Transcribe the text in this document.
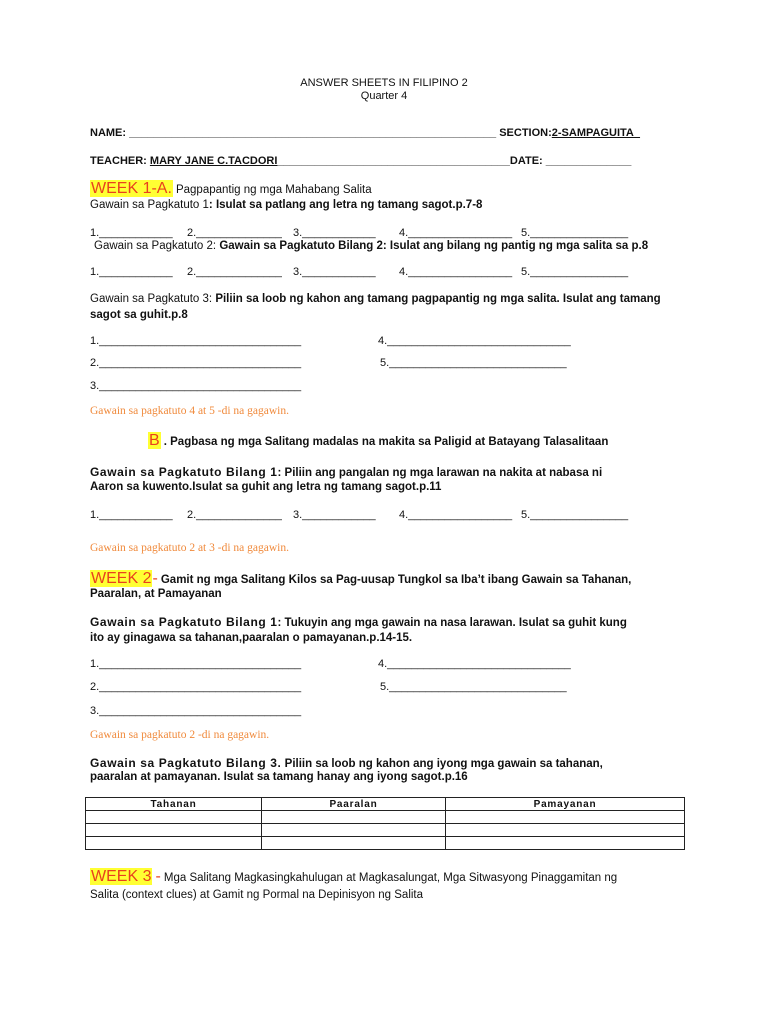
ANSWER SHEETS IN FILIPINO 2
Quarter 4
NAME: ____________________________________________________________ SECTION:2-SAMPAGUITA_
TEACHER: MARY JANE C.TACDORI______________________________________DATE: ______________
WEEK 1-A. Pagpapantig ng mga Mahabang Salita
Gawain sa Pagkatuto 1: Isulat sa patlang ang letra ng tamang sagot.p.7-8
1.____________ 2.______________ 3.____________ 4._________________ 5.________________
Gawain sa Pagkatuto 2: Gawain sa Pagkatuto Bilang 2: Isulat ang bilang ng pantig ng mga salita sa p.8
1.____________ 2.______________ 3.____________ 4._________________ 5.________________
Gawain sa Pagkatuto 3: Piliin sa loob ng kahon ang tamang pagpapantig ng mga salita. Isulat ang tamang
sagot sa guhit.p.8
1._________________________________
2._________________________________
3._________________________________
4.______________________________
5._____________________________
Gawain sa pagkatuto 4 at 5 -di na gagawin.
B . Pagbasa ng mga Salitang madalas na makita sa Paligid at Batayang Talasalitaan
Gawain sa Pagkatuto Bilang 1: Piliin ang pangalan ng mga larawan na nakita at nabasa ni
Aaron sa kuwento.Isulat sa guhit ang letra ng tamang sagot.p.11
1.____________ 2.______________ 3.____________ 4._________________ 5.________________
Gawain sa pagkatuto 2 at 3 -di na gagawin.
WEEK 2- Gamit ng mga Salitang Kilos sa Pag-uusap Tungkol sa Iba’t ibang Gawain sa Tahanan,
Paaralan, at Pamayanan
Gawain sa Pagkatuto Bilang 1: Tukuyin ang mga gawain na nasa larawan. Isulat sa guhit kung
ito ay ginagawa sa tahanan,paaralan o pamayanan.p.14-15.
1._________________________________
2._________________________________
3._________________________________
4.______________________________
5._____________________________
Gawain sa pagkatuto 2 -di na gagawin.
Gawain sa Pagkatuto Bilang 3. Piliin sa loob ng kahon ang iyong mga gawain sa tahanan,
paaralan at pamayanan. Isulat sa tamang hanay ang iyong sagot.p.16
Tahanan	Paaralan	Pamayanan

WEEK 3 - Mga Salitang Magkasingkahulugan at Magkasalungat, Mga Sitwasyong Pinaggamitan ng
Salita (context clues) at Gamit ng Pormal na Depinisyon ng Salita
